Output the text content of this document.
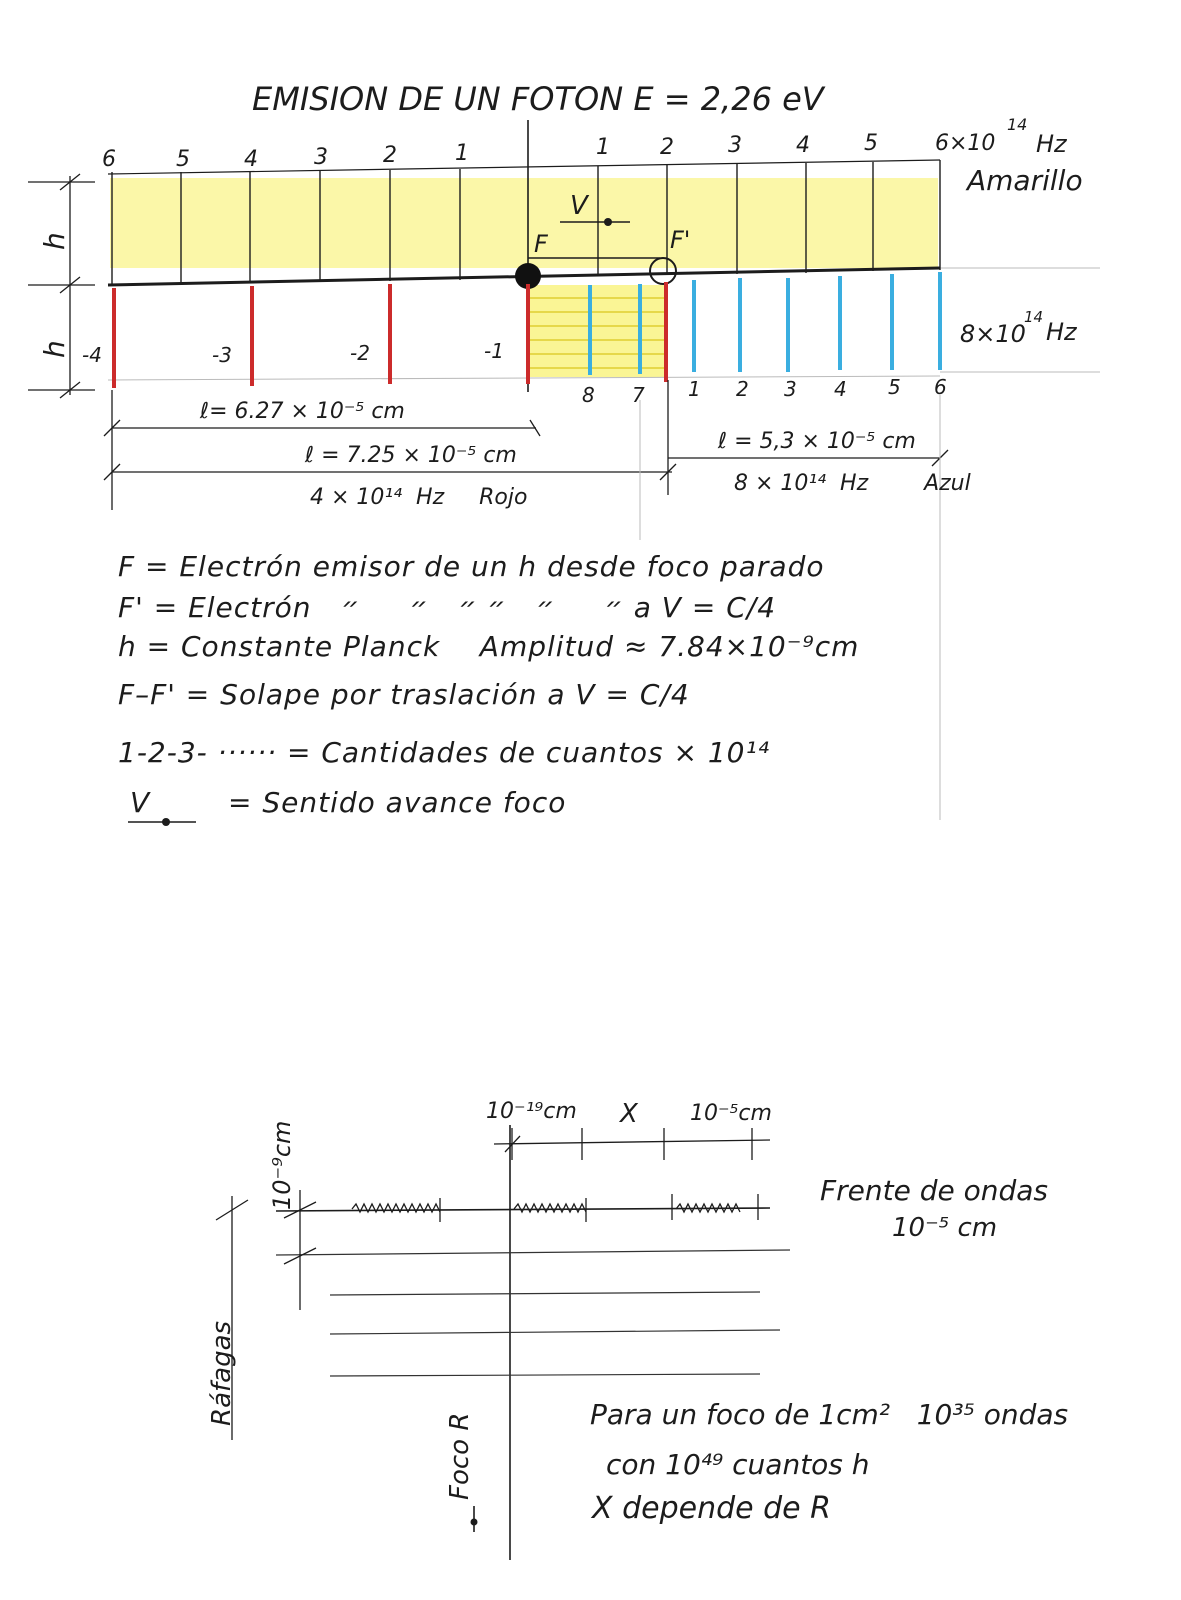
EMISION DE UN FOTON E = 2,26 eV
6	5 4	3	2	1	1 2 3 4 5	6×10
14
Hz
Amarillo
h
h
V
F	F'
-4	-3	-2	-1
8 7 1 2 3 4 5 6
8×10
14
Hz
ℓ= 6.27 × 10⁻⁵ cm
ℓ = 7.25 × 10⁻⁵ cm
4 × 10¹⁴  Hz     Rojo
ℓ = 5,3 × 10⁻⁵ cm
8 × 10¹⁴  Hz        Azul
F = Electrón emisor de un h desde foco parado
F' = Electrón   ״     ״   ״ ״   ״     ״ a V = C/4
h = Constante Planck    Amplitud ≈ 7.84×10⁻⁹cm
F–F' = Solape por traslación a V = C/4
1-2-3- ······ = Cantidades de cuantos × 10¹⁴
V	= Sentido avance foco
10⁻¹⁹cm X 10⁻⁵cm
10⁻⁹cm
Ráfagas
Foco R
Frente de ondas
10⁻⁵ cm
Para un foco de 1cm²   10³⁵ ondas
con 10⁴⁹ cuantos h
X depende de R
